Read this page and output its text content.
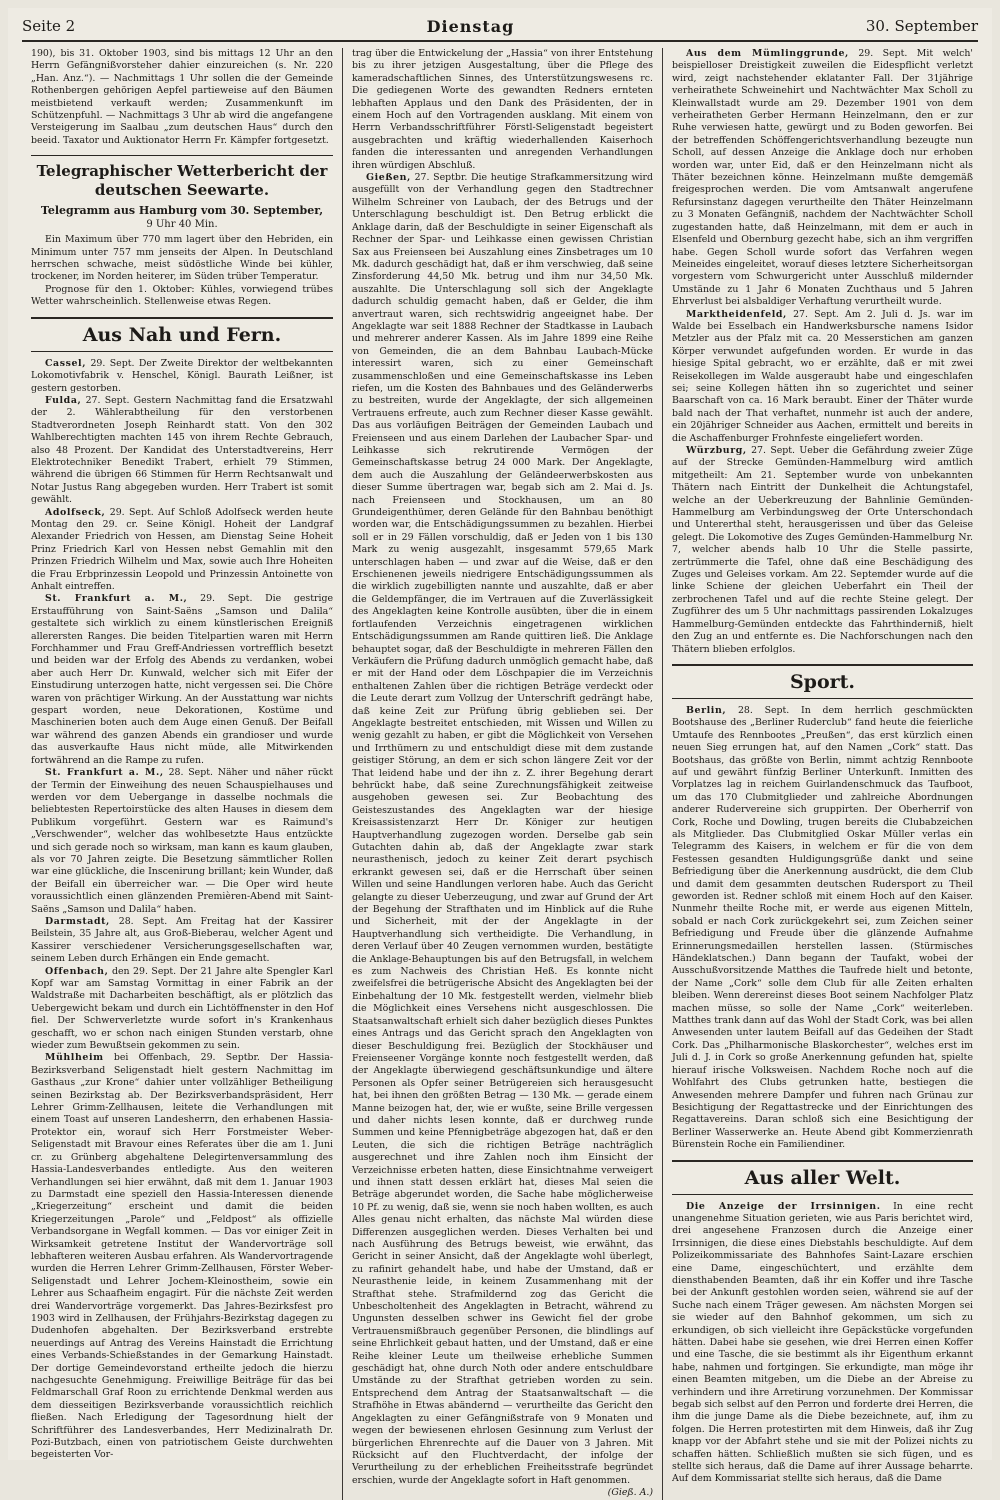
Seite 2	Dienstag	30. September

190), bis 31. Oktober 1903, sind bis mittags 12 Uhr an den Herrn Gefängnißvorsteher dahier einzureichen (s. Nr. 220 „Han. Anz.“). — Nachmittags 1 Uhr sollen die der Gemeinde Rothenbergen gehörigen Aepfel partieweise auf den Bäumen meistbietend verkauft werden; Zusammenkunft im Schützenpfuhl. — Nachmittags 3 Uhr ab wird die angefangene Versteigerung im Saalbau „zum deutschen Haus“ durch den beeid. Taxator und Auktionator Herrn Fr. Kämpfer fortgesetzt.

Telegraphischer Wetterbericht der deutschen Seewarte.
Telegramm aus Hamburg vom 30. September,
9 Uhr 40 Min.

Ein Maximum über 770 mm lagert über den Hebriden, ein Minimum unter 757 mm jenseits der Alpen. In Deutschland herrschen schwache, meist südöstliche Winde bei kühler, trockener, im Norden heiterer, im Süden trüber Temperatur.

Prognose für den 1. Oktober: Kühles, vorwiegend trübes Wetter wahrscheinlich. Stellenweise etwas Regen.

Aus Nah und Fern.

Cassel, 29. Sept. Der Zweite Direktor der weltbekannten Lokomotivfabrik v. Henschel, Königl. Baurath Leißner, ist gestern gestorben.

Fulda, 27. Sept. Gestern Nachmittag fand die Ersatzwahl der 2. Wählerabtheilung für den verstorbenen Stadtverordneten Joseph Reinhardt statt. Von den 302 Wahlberechtigten machten 145 von ihrem Rechte Gebrauch, also 48 Prozent. Der Kandidat des Unterstadtvereins, Herr Elektrotechniker Benedikt Trabert, erhielt 79 Stimmen, während die übrigen 66 Stimmen für Herrn Rechtsanwalt und Notar Justus Rang abgegeben wurden. Herr Trabert ist somit gewählt.

Adolfseck, 29. Sept. Auf Schloß Adolfseck werden heute Montag den 29. cr. Seine Königl. Hoheit der Landgraf Alexander Friedrich von Hessen, am Dienstag Seine Hoheit Prinz Friedrich Karl von Hessen nebst Gemahlin mit den Prinzen Friedrich Wilhelm und Max, sowie auch Ihre Hoheiten die Frau Erbprinzessin Leopold und Prinzessin Antoinette von Anhalt eintreffen.

St. Frankfurt a. M., 29. Sept. Die gestrige Erstaufführung von Saint-Saëns „Samson und Dalila“ gestaltete sich wirklich zu einem künstlerischen Ereigniß allerersten Ranges. Die beiden Titelpartien waren mit Herrn Forchhammer und Frau Greff-Andriessen vortrefflich besetzt und beiden war der Erfolg des Abends zu verdanken, wobei aber auch Herr Dr. Kunwald, welcher sich mit Eifer der Einstudirung unterzogen hatte, nicht vergessen sei. Die Chöre waren von prächtiger Wirkung. An der Ausstattung war nichts gespart worden, neue Dekorationen, Kostüme und Maschinerien boten auch dem Auge einen Genuß. Der Beifall war während des ganzen Abends ein grandioser und wurde das ausverkaufte Haus nicht müde, alle Mitwirkenden fortwährend an die Rampe zu rufen.

St. Frankfurt a. M., 28. Sept. Näher und näher rückt der Termin der Einweihung des neuen Schauspielhauses und werden vor dem Uebergange in dasselbe nochmals die beliebtesten Repertoirstücke des alten Hauses in diesem dem Publikum vorgeführt. Gestern war es Raimund's „Verschwender“, welcher das wohlbesetzte Haus entzückte und sich gerade noch so wirksam, man kann es kaum glauben, als vor 70 Jahren zeigte. Die Besetzung sämmtlicher Rollen war eine glückliche, die Inscenirung brillant; kein Wunder, daß der Beifall ein überreicher war. — Die Oper wird heute voraussichtlich einen glänzenden Premièren-Abend mit Saint-Saëns „Samson und Dalila“ haben.

Darmstadt, 28. Sept. Am Freitag hat der Kassirer Beilstein, 35 Jahre alt, aus Groß-Bieberau, welcher Agent und Kassirer verschiedener Versicherungsgesellschaften war, seinem Leben durch Erhängen ein Ende gemacht.

Offenbach, den 29. Sept. Der 21 Jahre alte Spengler Karl Kopf war am Samstag Vormittag in einer Fabrik an der Waldstraße mit Dacharbeiten beschäftigt, als er plötzlich das Uebergewicht bekam und durch ein Lichtöffnenster in den Hof fiel. Der Schwerverletzte wurde sofort in's Krankenhaus geschafft, wo er schon nach einigen Stunden verstarb, ohne wieder zum Bewußtsein gekommen zu sein.

Mühlheim bei Offenbach, 29. Septbr. Der Hassia-Bezirksverband Seligenstadt hielt gestern Nachmittag im Gasthaus „zur Krone“ dahier unter vollzähliger Betheiligung seinen Bezirkstag ab. Der Bezirksverbandspräsident, Herr Lehrer Grimm-Zellhausen, leitete die Verhandlungen mit einem Toast auf unseren Landesherrn, den erhabenen Hassia-Protektor ein, worauf sich Herr Forstmeister Weber-Seligenstadt mit Bravour eines Referates über die am 1. Juni cr. zu Grünberg abgehaltene Delegirtenversammlung des Hassia-Landesverbandes entledigte. Aus den weiteren Verhandlungen sei hier erwähnt, daß mit dem 1. Januar 1903 zu Darmstadt eine speziell den Hassia-Interessen dienende „Kriegerzeitung“ erscheint und damit die beiden Kriegerzeitungen „Parole“ und „Feldpost“ als offizielle Verbandsorgane in Wegfall kommen. — Das vor einiger Zeit in Wirksamkeit getretene Institut der Wandervorträge soll lebhafteren weiteren Ausbau erfahren. Als Wandervortragende wurden die Herren Lehrer Grimm-Zellhausen, Förster Weber-Seligenstadt und Lehrer Jochem-Kleinostheim, sowie ein Lehrer aus Schaafheim engagirt. Für die nächste Zeit werden drei Wandervorträge vorgemerkt. Das Jahres-Bezirksfest pro 1903 wird in Zellhausen, der Frühjahrs-Bezirkstag dagegen zu Dudenhofen abgehalten. Der Bezirksverband erstrebte neuerdings auf Antrag des Vereins Hainstadt die Errichtung eines Verbands-Schießstandes in der Gemarkung Hainstadt. Der dortige Gemeindevorstand ertheilte jedoch die hierzu nachgesuchte Genehmigung. Freiwillige Beiträge für das bei Feldmarschall Graf Roon zu errichtende Denkmal werden aus dem diesseitigen Bezirksverbande voraussichtlich reichlich fließen. Nach Erledigung der Tagesordnung hielt der Schriftführer des Landesverbandes, Herr Medizinalrath Dr. Pozi-Butzbach, einen von patriotischem Geiste durchwehten begeisterten Vor-

trag über die Entwickelung der „Hassia“ von ihrer Entstehung bis zu ihrer jetzigen Ausgestaltung, über die Pflege des kameradschaftlichen Sinnes, des Unterstützungswesens rc. Die gediegenen Worte des gewandten Redners ernteten lebhaften Applaus und den Dank des Präsidenten, der in einem Hoch auf den Vortragenden ausklang. Mit einem von Herrn Verbandsschriftführer Förstl-Seligenstadt begeistert ausgebrachten und kräftig wiederhallenden Kaiserhoch fanden die interessanten und anregenden Verhandlungen ihren würdigen Abschluß.

Gießen, 27. Septbr. Die heutige Strafkammersitzung wird ausgefüllt von der Verhandlung gegen den Stadtrechner Wilhelm Schreiner von Laubach, der des Betrugs und der Unterschlagung beschuldigt ist. Den Betrug erblickt die Anklage darin, daß der Beschuldigte in seiner Eigenschaft als Rechner der Spar- und Leihkasse einen gewissen Christian Sax aus Freienseen bei Auszahlung eines Zinsbetrages um 10 Mk. dadurch geschädigt hat, daß er ihm verschwieg, daß seine Zinsforderung 44,50 Mk. betrug und ihm nur 34,50 Mk. auszahlte. Die Unterschlagung soll sich der Angeklagte dadurch schuldig gemacht haben, daß er Gelder, die ihm anvertraut waren, sich rechtswidrig angeeignet habe. Der Angeklagte war seit 1888 Rechner der Stadtkasse in Laubach und mehrerer anderer Kassen. Als im Jahre 1899 eine Reihe von Gemeinden, die an dem Bahnbau Laubach-Mücke interessirt waren, sich zu einer Gemeinschaft zusammenschloßen und eine Gemeinschaftskasse ins Leben riefen, um die Kosten des Bahnbaues und des Geländerwerbs zu bestreiten, wurde der Angeklagte, der sich allgemeinen Vertrauens erfreute, auch zum Rechner dieser Kasse gewählt. Das aus vorläufigen Beiträgen der Gemeinden Laubach und Freienseen und aus einem Darlehen der Laubacher Spar- und Leihkasse sich rekrutirende Vermögen der Gemeinschaftskasse betrug 24 000 Mark. Der Angeklagte, dem auch die Auszahlung der Geländeerwerbskosten aus dieser Summe übertragen war, begab sich am 2. Mai d. Js. nach Freienseen und Stockhausen, um an 80 Grundeigenthümer, deren Gelände für den Bahnbau benöthigt worden war, die Entschädigungssummen zu bezahlen. Hierbei soll er in 29 Fällen vorschuldig, daß er Jeden von 1 bis 130 Mark zu wenig ausgezahlt, insgesammt 579,65 Mark unterschlagen haben — und zwar auf die Weise, daß er den Erschienenen jeweils niedrigere Entschädigungssummen als die wirklich zugebilligten nannte und auszahlte, daß er aber die Geldempfänger, die im Vertrauen auf die Zuverlässigkeit des Angeklagten keine Kontrolle ausübten, über die in einem fortlaufenden Verzeichnis eingetragenen wirklichen Entschädigungssummen am Rande quittiren ließ. Die Anklage behauptet sogar, daß der Beschuldigte in mehreren Fällen den Verkäufern die Prüfung dadurch unmöglich gemacht habe, daß er mit der Hand oder dem Löschpapier die im Verzeichnis enthaltenen Zahlen über die richtigen Beträge verdeckt oder die Leute derart zum Vollzug der Unterschrift gedrängt habe, daß keine Zeit zur Prüfung übrig geblieben sei. Der Angeklagte bestreitet entschieden, mit Wissen und Willen zu wenig gezahlt zu haben, er gibt die Möglichkeit von Versehen und Irrthümern zu und entschuldigt diese mit dem zustande geistiger Störung, an dem er sich schon längere Zeit vor der That leidend habe und der ihn z. Z. ihrer Begehung derart behrückt habe, daß seine Zurechnungsfähigkeit zeitweise ausgehoben gewesen sei. Zur Beobachtung des Geisteszustandes des Angeklagten war der hiesige Kreisassistenzarzt Herr Dr. Königer zur heutigen Hauptverhandlung zugezogen worden. Derselbe gab sein Gutachten dahin ab, daß der Angeklagte zwar stark neurasthenisch, jedoch zu keiner Zeit derart psychisch erkrankt gewesen sei, daß er die Herrschaft über seinen Willen und seine Handlungen verloren habe. Auch das Gericht gelangte zu dieser Ueberzeugung, und zwar auf Grund der Art der Begehung der Strafthaten und im Hinblick auf die Ruhe und Sicherheit, mit der der Angeklagte in der Hauptverhandlung sich vertheidigte. Die Verhandlung, in deren Verlauf über 40 Zeugen vernommen wurden, bestätigte die Anklage-Behauptungen bis auf den Betrugsfall, in welchem es zum Nachweis des Christian Heß. Es konnte nicht zweifelsfrei die betrügerische Absicht des Angeklagten bei der Einbehaltung der 10 Mk. festgestellt werden, vielmehr blieb die Möglichkeit eines Versehens nicht ausgeschlossen. Die Staatsanwaltschaft erhielt sich daher bezüglich dieses Punktes eines Antrags und das Gericht sprach den Angeklagten von dieser Beschuldigung frei. Bezüglich der Stockhäuser und Freienseener Vorgänge konnte noch festgestellt werden, daß der Angeklagte überwiegend geschäftsunkundige und ältere Personen als Opfer seiner Betrügereien sich herausgesucht hat, bei ihnen den größten Betrag — 130 Mk. — gerade einem Manne beizogen hat, der, wie er wußte, seine Brille vergessen und daher nichts lesen konnte, daß er durchweg runde Summen und keine Pfennigbeträge abgezogen hat, daß er den Leuten, die sich die richtigen Beträge nachträglich ausgerechnet und ihre Zahlen noch ihm Einsicht der Verzeichnisse erbeten hatten, diese Einsichtnahme verweigert und ihnen statt dessen erklärt hat, dieses Mal seien die Beträge abgerundet worden, die Sache habe möglicherweise 10 Pf. zu wenig, daß sie, wenn sie noch haben wollten, es auch Alles genau nicht erhalten, das nächste Mal würden diese Differenzen ausgeglichen werden. Dieses Verhalten bei und nach Ausführung des Betrugs beweist, wie erwähnt, das Gericht in seiner Ansicht, daß der Angeklagte wohl überlegt, zu rafinirt gehandelt habe, und habe der Umstand, daß er Neurasthenie leide, in keinem Zusammenhang mit der Strafthat stehe. Strafmildernd zog das Gericht die Unbescholtenheit des Angeklagten in Betracht, während zu Ungunsten desselben schwer ins Gewicht fiel der grobe Vertrauensmißbrauch gegenüber Personen, die blindlings auf seine Ehrlichkeit gebaut hatten, und der Umstand, daß er eine Reihe kleiner Leute um theilweise erhebliche Summen geschädigt hat, ohne durch Noth oder andere entschuldbare Umstände zu der Strafthat getrieben worden zu sein. Entsprechend dem Antrag der Staatsanwaltschaft — die Strafhöhe in Etwas abändernd — verurtheilte das Gericht den Angeklagten zu einer Gefängnißstrafe von 9 Monaten und wegen der bewiesenen ehrlosen Gesinnung zum Verlust der bürgerlichen Ehrenrechte auf die Dauer von 3 Jahren. Mit Rücksicht auf den Fluchtverdacht, der infolge der Verurtheilung zu der erheblichen Freiheitsstrafe begründet erschien, wurde der Angeklagte sofort in Haft genommen.

(Gieß. A.)

Aus dem Mümlinggrunde, 29. Sept. Mit welch' beispielloser Dreistigkeit zuweilen die Eidespflicht verletzt wird, zeigt nachstehender eklatanter Fall. Der 31jährige verheirathete Schweinehirt und Nachtwächter Max Scholl zu Kleinwallstadt wurde am 29. Dezember 1901 von dem verheiratheten Gerber Hermann Heinzelmann, den er zur Ruhe verwiesen hatte, gewürgt und zu Boden geworfen. Bei der betreffenden Schöffengerichtsverhandlung bezeugte nun Scholl, auf dessen Anzeige die Anklage doch nur erhoben worden war, unter Eid, daß er den Heinzelmann nicht als Thäter bezeichnen könne. Heinzelmann mußte demgemäß freigesprochen werden. Die vom Amtsanwalt angerufene Refursinstanz dagegen verurtheilte den Thäter Heinzelmann zu 3 Monaten Gefängniß, nachdem der Nachtwächter Scholl zugestanden hatte, daß Heinzelmann, mit dem er auch in Elsenfeld und Obernburg gezecht habe, sich an ihm vergriffen habe. Gegen Scholl wurde sofort das Verfahren wegen Meineides eingeleitet, worauf dieses letztere Sicherheitsorgan vorgestern vom Schwurgericht unter Ausschluß mildernder Umstände zu 1 Jahr 6 Monaten Zuchthaus und 5 Jahren Ehrverlust bei alsbaldiger Verhaftung verurtheilt wurde.

Marktheidenfeld, 27. Sept. Am 2. Juli d. Js. war im Walde bei Esselbach ein Handwerksbursche namens Isidor Metzler aus der Pfalz mit ca. 20 Messerstichen am ganzen Körper verwundet aufgefunden worden. Er wurde in das hiesige Spital gebracht, wo er erzählte, daß er mit zwei Reisekollegen im Walde ausgeraubt habe und eingeschlafen sei; seine Kollegen hätten ihn so zugerichtet und seiner Baarschaft von ca. 16 Mark beraubt. Einer der Thäter wurde bald nach der That verhaftet, nunmehr ist auch der andere, ein 20jähriger Schneider aus Aachen, ermittelt und bereits in die Aschaffenburger Frohnfeste eingeliefert worden.

Würzburg, 27. Sept. Ueber die Gefährdung zweier Züge auf der Strecke Gemünden-Hammelburg wird amtlich mitgetheilt: Am 21. September wurde von unbekannten Thätern nach Eintritt der Dunkelheit die Achtungstafel, welche an der Ueberkreuzung der Bahnlinie Gemünden-Hammelburg am Verbindungsweg der Orte Unterschondach und Untererthal steht, herausgerissen und über das Geleise gelegt. Die Lokomotive des Zuges Gemünden-Hammelburg Nr. 7, welcher abends halb 10 Uhr die Stelle passirte, zertrümmerte die Tafel, ohne daß eine Beschädigung des Zuges und Geleises vorkam. Am 22. Septemder wurde auf die linke Schiene der gleichen Ueberfahrt ein Theil der zerbrochenen Tafel und auf die rechte Steine gelegt. Der Zugführer des um 5 Uhr nachmittags passirenden Lokalzuges Hammelburg-Gemünden entdeckte das Fahrthinderniß, hielt den Zug an und entfernte es. Die Nachforschungen nach den Thätern blieben erfolglos.

Sport.

Berlin, 28. Sept. In dem herrlich geschmückten Bootshause des „Berliner Ruderclub“ fand heute die feierliche Umtaufe des Rennbootes „Preußen“, das erst kürzlich einen neuen Sieg errungen hat, auf den Namen „Cork“ statt. Das Bootshaus, das größte von Berlin, nimmt achtzig Rennboote auf und gewährt fünfzig Berliner Unterkunft. Inmitten des Vorplatzes lag in reichem Guirlandenschmuck das Taufboot, um das 170 Clubmitglieder und zahlreiche Abordnungen anderer Rudervereine sich gruppirten. Der Oberherrif von Cork, Roche und Dowling, trugen bereits die Clubabzeichen als Mitglieder. Das Clubmitglied Oskar Müller verlas ein Telegramm des Kaisers, in welchem er für die von dem Festessen gesandten Huldigungsgrüße dankt und seine Befriedigung über die Anerkennung ausdrückt, die dem Club und damit dem gesammten deutschen Rudersport zu Theil geworden ist. Redner schloß mit einem Hoch auf den Kaiser. Nunmehr theilte Roche mit, er werde aus eigenen Mitteln, sobald er nach Cork zurückgekehrt sei, zum Zeichen seiner Befriedigung und Freude über die glänzende Aufnahme Erinnerungsmedaillen herstellen lassen. (Stürmisches Händeklatschen.) Dann begann der Taufakt, wobei der Ausschußvorsitzende Matthes die Taufrede hielt und betonte, der Name „Cork“ solle dem Club für alle Zeiten erhalten bleiben. Wenn derereinst dieses Boot seinem Nachfolger Platz machen müsse, so solle der Name „Cork“ weiterleben. Matthes trank dann auf das Wohl der Stadt Cork, was bei allen Anwesenden unter lautem Beifall auf das Gedeihen der Stadt Cork. Das „Philharmonische Blaskorchester“, welches erst im Juli d. J. in Cork so große Anerkennung gefunden hat, spielte hierauf irische Volksweisen. Nachdem Roche noch auf die Wohlfahrt des Clubs getrunken hatte, bestiegen die Anwesenden mehrere Dampfer und fuhren nach Grünau zur Besichtigung der Regattastrecke und der Einrichtungen des Regattavereins. Daran schloß sich eine Besichtigung der Berliner Wasserwerke an. Heute Abend gibt Kommerzienrath Bürenstein Roche ein Familiendiner.

Aus aller Welt.

Die Anzeige der Irrsinnigen. In eine recht unangenehme Situation gerieten, wie aus Paris berichtet wird, drei angesehene Franzosen durch die Anzeige einer Irrsinnigen, die diese eines Diebstahls beschuldigte. Auf dem Polizeikommissariate des Bahnhofes Saint-Lazare erschien eine Dame, eingeschüchtert, und erzählte dem diensthabenden Beamten, daß ihr ein Koffer und ihre Tasche bei der Ankunft gestohlen worden seien, während sie auf der Suche nach einem Träger gewesen. Am nächsten Morgen sei sie wieder auf den Bahnhof gekommen, um sich zu erkundigen, ob sich vielleicht ihre Gepäckstücke vorgefunden hätten. Dabei habe sie gesehen, wie drei Herren einen Koffer und eine Tasche, die sie bestimmt als ihr Eigenthum erkannt habe, nahmen und fortgingen. Sie erkundigte, man möge ihr einen Beamten mitgeben, um die Diebe an der Abreise zu verhindern und ihre Arretirung vorzunehmen. Der Kommissar begab sich selbst auf den Perron und forderte drei Herren, die ihm die junge Dame als die Diebe bezeichnete, auf, ihm zu folgen. Die Herren protestirten mit dem Hinweis, daß ihr Zug knapp vor der Abfahrt stehe und sie mit der Polizei nichts zu schaffen hätten. Schließlich mußten sie sich fügen, und es stellte sich heraus, daß die Dame auf ihrer Aussage beharrte. Auf dem Kommissariat stellte sich heraus, daß die Dame
